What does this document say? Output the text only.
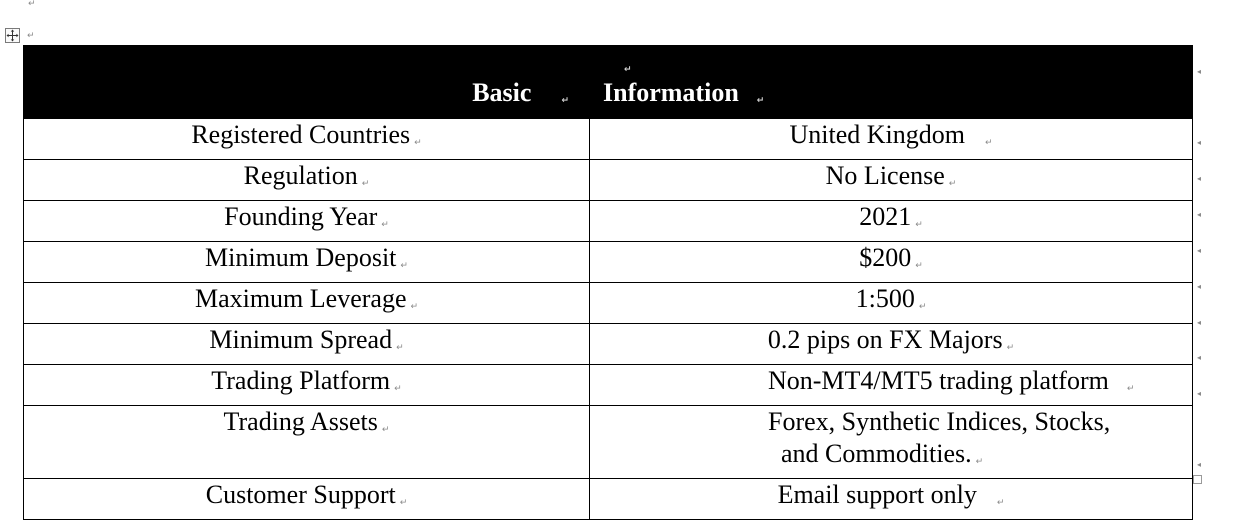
↵
↵
Basic ↵	↵
Information ↵
Registered Countries ↵	United Kingdom ↵
Regulation ↵	No License ↵
Founding Year ↵	2021 ↵
Minimum Deposit ↵	$200 ↵
Maximum Leverage ↵	1:500 ↵
Minimum Spread ↵	0.2 pips on FX Majors ↵
Trading Platform ↵	Non-MT4/MT5 trading platform ↵
Trading Assets ↵	Forex, Synthetic Indices, Stocks,
and Commodities. ↵

Customer Support ↵	Email support only ↵
◂
◂
◂
◂
◂
◂
◂
◂
◂
◂
